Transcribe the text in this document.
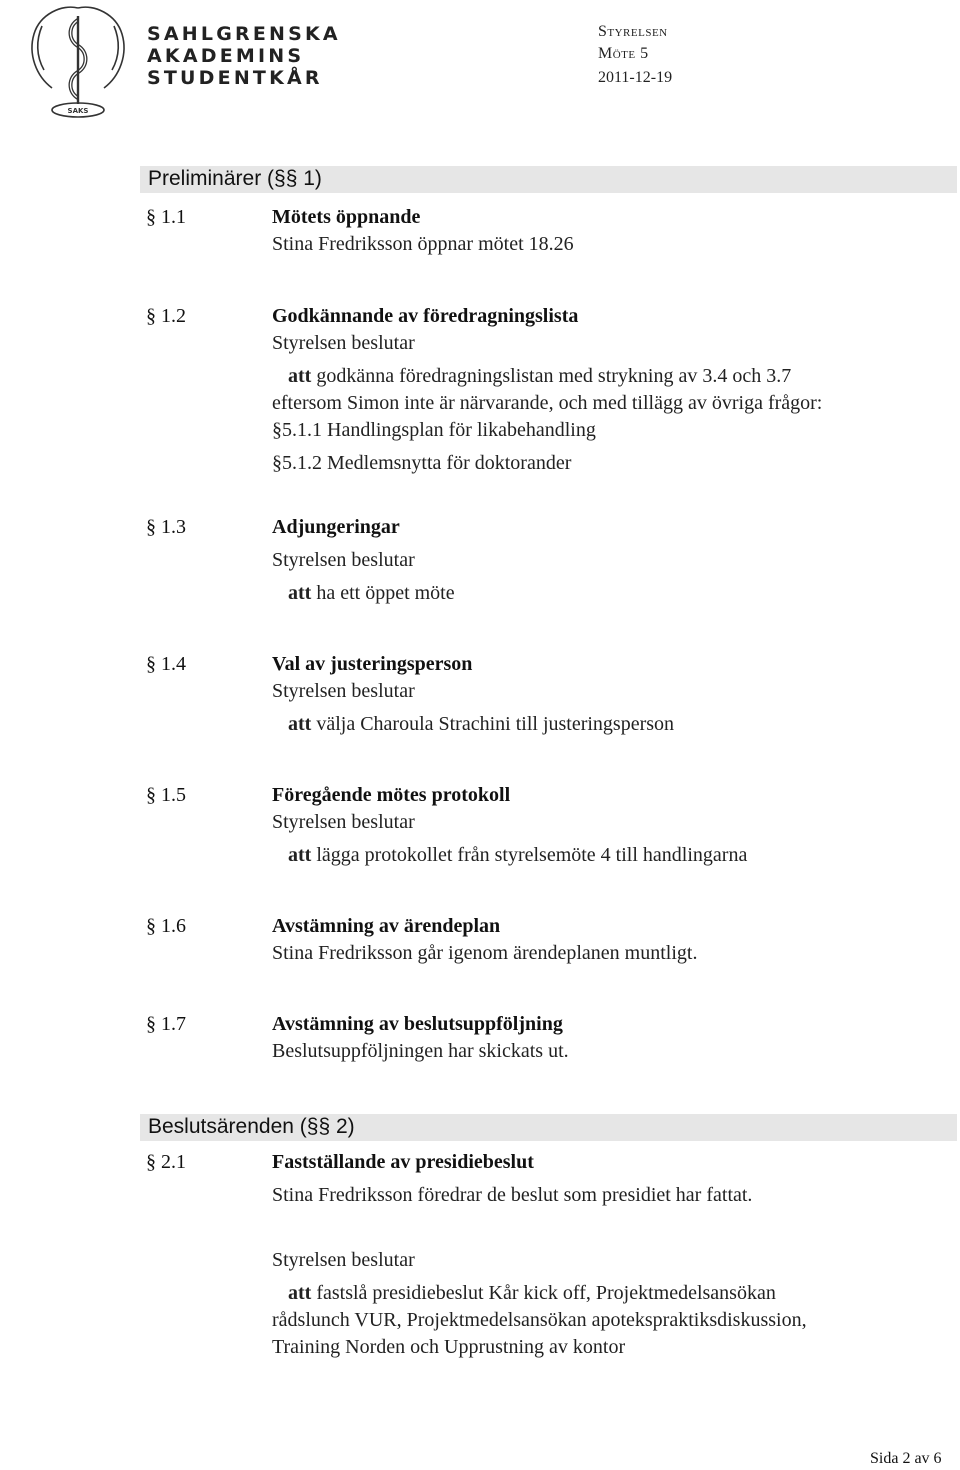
SAKS
SAHLGRENSKA
AKADEMINS
STUDENTKÅR
Styrelsen
Möte 5
2011-12-19
Preliminärer (§§ 1)
§ 1.1	Mötets öppnande
Stina Fredriksson öppnar mötet 18.26
§ 1.2	Godkännande av föredragningslista
Styrelsen beslutar
att godkänna föredragningslistan med strykning av 3.4 och 3.7
eftersom Simon inte är närvarande, och med tillägg av övriga frågor:
§5.1.1 Handlingsplan för likabehandling
§5.1.2 Medlemsnytta för doktorander
§ 1.3	Adjungeringar
Styrelsen beslutar
att ha ett öppet möte
§ 1.4	Val av justeringsperson
Styrelsen beslutar
att välja Charoula Strachini till justeringsperson
§ 1.5	Föregående mötes protokoll
Styrelsen beslutar
att lägga protokollet från styrelsemöte 4 till handlingarna
§ 1.6	Avstämning av ärendeplan
Stina Fredriksson går igenom ärendeplanen muntligt.
§ 1.7	Avstämning av beslutsuppföljning
Beslutsuppföljningen har skickats ut.
Beslutsärenden (§§ 2)
§ 2.1	Fastställande av presidiebeslut
Stina Fredriksson föredrar de beslut som presidiet har fattat.
Styrelsen beslutar
att fastslå presidiebeslut Kår kick off, Projektmedelsansökan
rådslunch VUR, Projektmedelsansökan apotekspraktiksdiskussion,
Training Norden och Upprustning av kontor
Sida 2 av 6
